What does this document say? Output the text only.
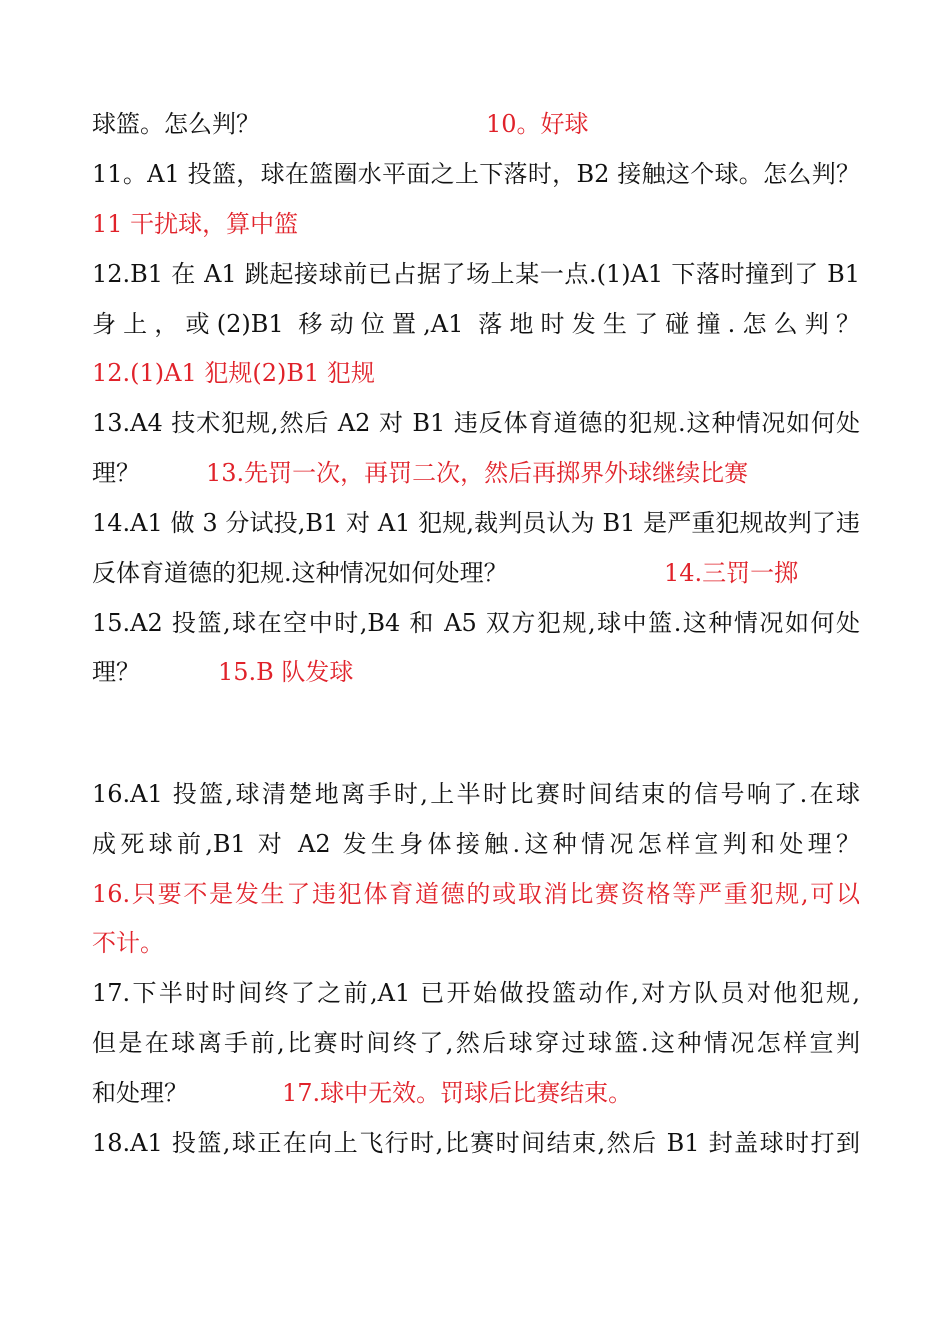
球篮。怎么判？	10。好球
11。A1 投篮，球在篮圈水平面之上下落时，B2 接触这个球。怎么判？
11 干扰球，算中篮
12.B1 在 A1 跳起接球前已占据了场上某一点.(1)A1 下落时撞到了 B1
身上，或(2)B1 移动位置,A1 落地时发生了碰撞.怎么判？
12.(1)A1 犯规(2)B1 犯规
13.A4 技术犯规,然后 A2 对 B1 违反体育道德的犯规.这种情况如何处
理？	13.先罚一次，再罚二次，然后再掷界外球继续比赛
14.A1 做 3 分试投,B1 对 A1 犯规,裁判员认为 B1 是严重犯规故判了违
反体育道德的犯规.这种情况如何处理？	14.三罚一掷
15.A2 投篮,球在空中时,B4 和 A5 双方犯规,球中篮.这种情况如何处
理？	15.B 队发球
16.A1 投篮,球清楚地离手时,上半时比赛时间结束的信号响了.在球
成死球前,B1 对 A2 发生身体接触.这种情况怎样宣判和处理？
16.只要不是发生了违犯体育道德的或取消比赛资格等严重犯规,可以
不计。
17.下半时时间终了之前,A1 已开始做投篮动作,对方队员对他犯规,
但是在球离手前,比赛时间终了,然后球穿过球篮.这种情况怎样宣判
和处理？	17.球中无效。罚球后比赛结束。
18.A1 投篮,球正在向上飞行时,比赛时间结束,然后 B1 封盖球时打到
